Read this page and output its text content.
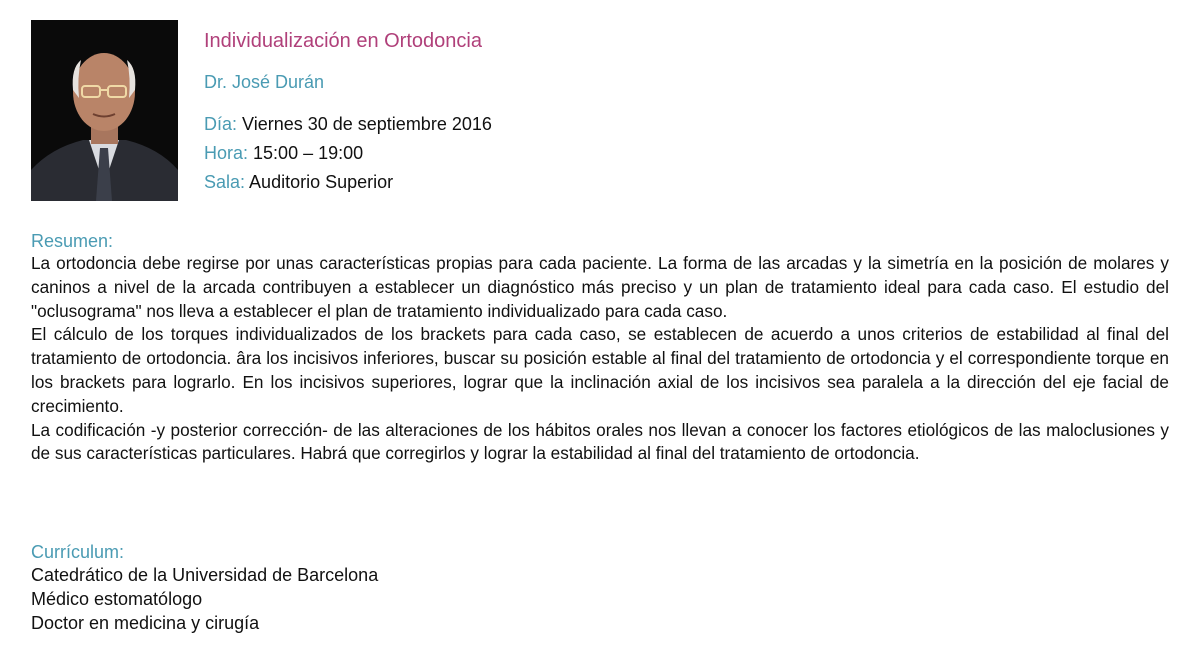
Individualización en Ortodoncia
Dr. José Durán
Día: Viernes 30 de septiembre 2016
Hora: 15:00 – 19:00
Sala: Auditorio Superior
Resumen:

La ortodoncia debe regirse por unas características propias para cada paciente. La forma de las arcadas y la simetría en la posición de molares y caninos a nivel de la arcada contribuyen a establecer un diagnóstico más preciso y un plan de tratamiento ideal para cada caso. El estudio del "oclusograma" nos lleva a establecer el plan de tratamiento individualizado para cada caso.

El cálculo de los torques individualizados de los brackets para cada caso, se establecen de acuerdo a unos criterios de estabilidad al final del tratamiento de ortodoncia. âra los incisivos inferiores, buscar su posición estable al final del tratamiento de ortodoncia y el correspondiente torque en los brackets para lograrlo. En los incisivos superiores, lograr que la inclinación axial de los incisivos sea paralela a la dirección del eje facial de crecimiento.

La codificación -y posterior corrección- de las alteraciones de los hábitos orales nos llevan a conocer los factores etiológicos de las maloclusiones y de sus características particulares. Habrá que corregirlos y lograr la estabilidad al final del tratamiento de ortodoncia.

Currículum:
Catedrático de la Universidad de Barcelona
Médico estomatólogo
Doctor en medicina y cirugía
